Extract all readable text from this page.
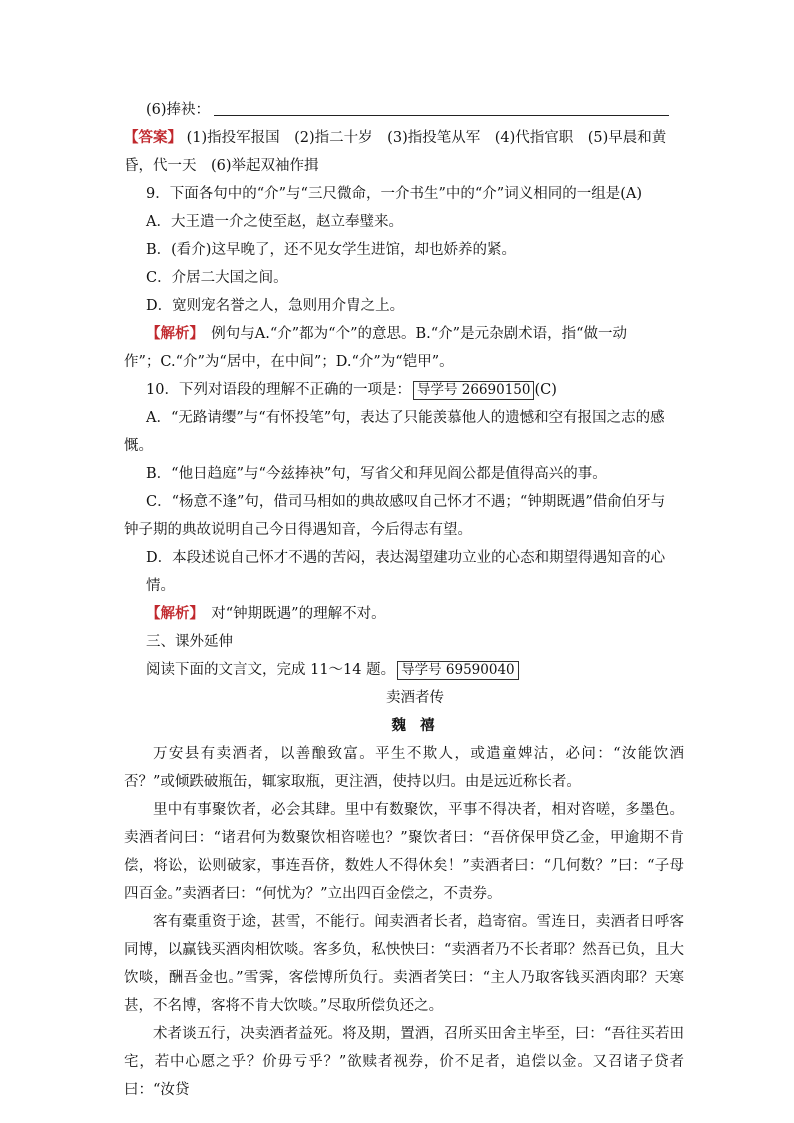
(6)捧袂：
【答案】 (1)指投军报国　(2)指二十岁　(3)指投笔从军　(4)代指官职　(5)早晨和黄
昏，代一天　(6)举起双袖作揖
9．下面各句中的“介”与“三尺微命，一介书生”中的“介”词义相同的一组是(A)
A．大王遣一介之使至赵，赵立奉璧来。
B．(看介)这早晚了，还不见女学生进馆，却也娇养的紧。
C．介居二大国之间。
D．宽则宠名誉之人，急则用介胄之上。
【解析】　例句与A.“介”都为“个”的意思。B.“介”是元杂剧术语，指“做一动
作”；C.“介”为“居中，在中间”；D.“介”为“铠甲”。
10．下列对语段的理解不正确的一项是： 导学号 26690150 (C)
A．“无路请缨”与“有怀投笔”句，表达了只能羡慕他人的遗憾和空有报国之志的感
慨。
B．“他日趋庭”与“今兹捧袂”句，写省父和拜见阎公都是值得高兴的事。
C．“杨意不逢”句，借司马相如的典故感叹自己怀才不遇；“钟期既遇”借俞伯牙与
钟子期的典故说明自己今日得遇知音，今后得志有望。
D．本段述说自己怀才不遇的苦闷，表达渴望建功立业的心态和期望得遇知音的心情。
【解析】　对“钟期既遇”的理解不对。
三、课外延伸
阅读下面的文言文，完成 11～14 题。 导学号 69590040
卖酒者传
魏禧
万安县有卖酒者，以善酿致富。平生不欺人，或遣童婢沽，必问：“汝能饮酒否？”或倾跌破瓶缶，辄家取瓶，更注酒，使持以归。由是远近称长者。
里中有事聚饮者，必会其肆。里中有数聚饮，平事不得决者，相对咨嗟，多墨色。卖酒者问曰：“诸君何为数聚饮相咨嗟也？”聚饮者曰：“吾侪保甲贷乙金，甲逾期不肯偿，将讼，讼则破家，事连吾侪，数姓人不得休矣！”卖酒者曰：“几何数？”曰：“子母四百金。”卖酒者曰：“何忧为？”立出四百金偿之，不责券。
客有橐重资于途，甚雪，不能行。闻卖酒者长者，趋寄宿。雪连日，卖酒者日呼客同博，以赢钱买酒肉相饮啖。客多负，私怏怏曰：“卖酒者乃不长者耶？然吾已负，且大饮啖，酬吾金也。”雪霁，客偿博所负行。卖酒者笑曰：“主人乃取客钱买酒肉耶？天寒甚，不名博，客将不肯大饮啖。”尽取所偿负还之。
术者谈五行，决卖酒者益死。将及期，置酒，召所买田舍主毕至，曰：“吾往买若田宅，若中心愿之乎？价毋亏乎？”欲赎者视券，价不足者，追偿以金。又召诸子贷者曰：“汝贷
